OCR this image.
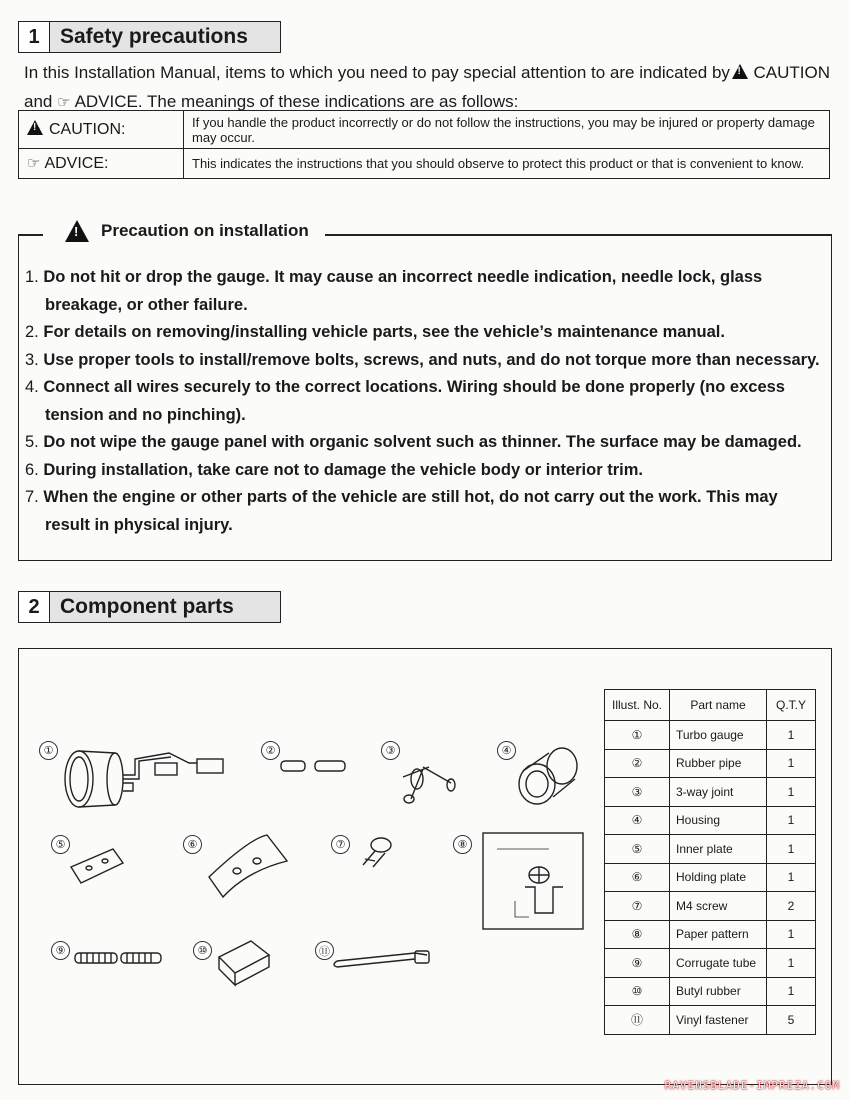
1 Safety precautions
In this Installation Manual, items to which you need to pay special attention to are indicated by !	CAUTION
and ☞ ADVICE. The meanings of these indications are as follows:
!CAUTION:	If you handle the product incorrectly or do not follow the instructions, you may be injured or property damage may occur.
☞ ADVICE:	This indicates the instructions that you should observe to protect this product or that is convenient to know.
!
Precaution on installation
1. Do not hit or drop the gauge. It may cause an incorrect needle indication, needle lock, glass breakage, or other failure.
2. For details on removing/installing vehicle parts, see the vehicle’s maintenance manual.
3. Use proper tools to install/remove bolts, screws, and nuts, and do not torque more than necessary.
4. Connect all wires securely to the correct locations. Wiring should be done properly (no excess tension and no pinching).
5. Do not wipe the gauge panel with organic solvent such as thinner. The surface may be damaged.
6. During installation, take care not to damage the vehicle body or interior trim.
7. When the engine or other parts of the vehicle are still hot, do not carry out the work. This may result in physical injury.
2 Component parts
①	②	③	④
⑤	⑥	⑦	⑧
⑨	⑩	⑪
Illust. No.	Part name	Q.T.Y
①	Turbo gauge	1
②	Rubber pipe	1
③	3-way joint	1
④	Housing	1
⑤	Inner plate	1
⑥	Holding plate	1
⑦	M4 screw	2
⑧	Paper pattern	1
⑨	Corrugate tube	1
⑩	Butyl rubber	1
⑪	Vinyl fastener	5
RAVENSBLADE-IMPREZA.COM
